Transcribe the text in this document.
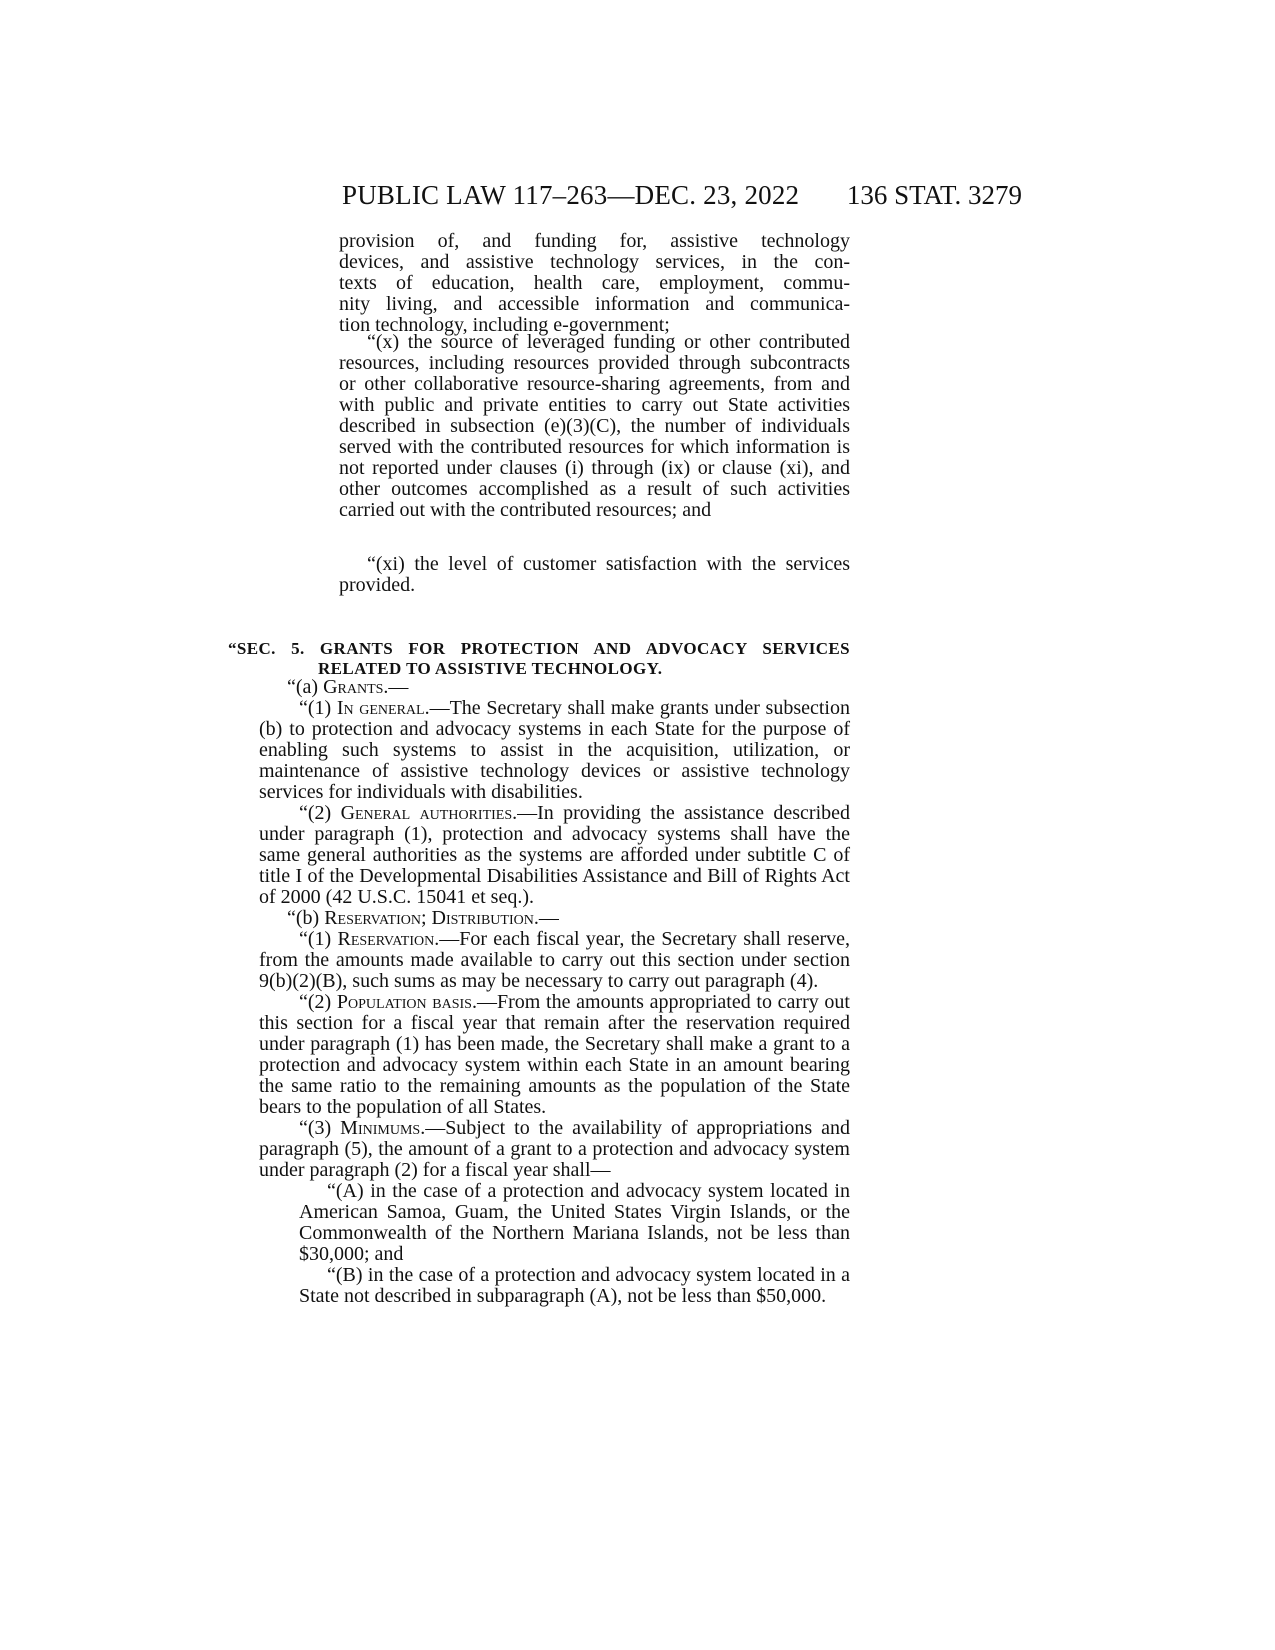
PUBLIC LAW 117–263—DEC. 23, 2022 136 STAT. 3279

provision of, and funding for, assistive technology

devices, and assistive technology services, in the con-

texts of education, health care, employment, commu-

nity living, and accessible information and communica-

tion technology, including e-government;

“(x) the source of leveraged funding or other contributed resources, including resources provided through subcontracts or other collaborative resource-sharing agreements, from and with public and private entities to carry out State activities described in subsection (e)(3)(C), the number of individuals served with the contributed resources for which information is not reported under clauses (i) through (ix) or clause (xi), and other outcomes accomplished as a result of such activities carried out with the contributed resources; and

“(xi) the level of customer satisfaction with the services provided.

“SEC. 5. GRANTS FOR PROTECTION AND ADVOCACY SERVICES
RELATED TO ASSISTIVE TECHNOLOGY.

“(a) Grants.—

“(1) In general.—The Secretary shall make grants under subsection (b) to protection and advocacy systems in each State for the purpose of enabling such systems to assist in the acquisition, utilization, or maintenance of assistive technology devices or assistive technology services for individuals with disabilities.

“(2) General authorities.—In providing the assistance described under paragraph (1), protection and advocacy systems shall have the same general authorities as the systems are afforded under subtitle C of title I of the Developmental Disabilities Assistance and Bill of Rights Act of 2000 (42 U.S.C. 15041 et seq.).

“(b) Reservation; Distribution.—

“(1) Reservation.—For each fiscal year, the Secretary shall reserve, from the amounts made available to carry out this section under section 9(b)(2)(B), such sums as may be necessary to carry out paragraph (4).

“(2) Population basis.—From the amounts appropriated to carry out this section for a fiscal year that remain after the reservation required under paragraph (1) has been made, the Secretary shall make a grant to a protection and advocacy system within each State in an amount bearing the same ratio to the remaining amounts as the population of the State bears to the population of all States.

“(3) Minimums.—Subject to the availability of appropriations and paragraph (5), the amount of a grant to a protection and advocacy system under paragraph (2) for a fiscal year shall—

“(A) in the case of a protection and advocacy system located in American Samoa, Guam, the United States Virgin Islands, or the Commonwealth of the Northern Mariana Islands, not be less than $30,000; and

“(B) in the case of a protection and advocacy system located in a State not described in subparagraph (A), not be less than $50,000.
